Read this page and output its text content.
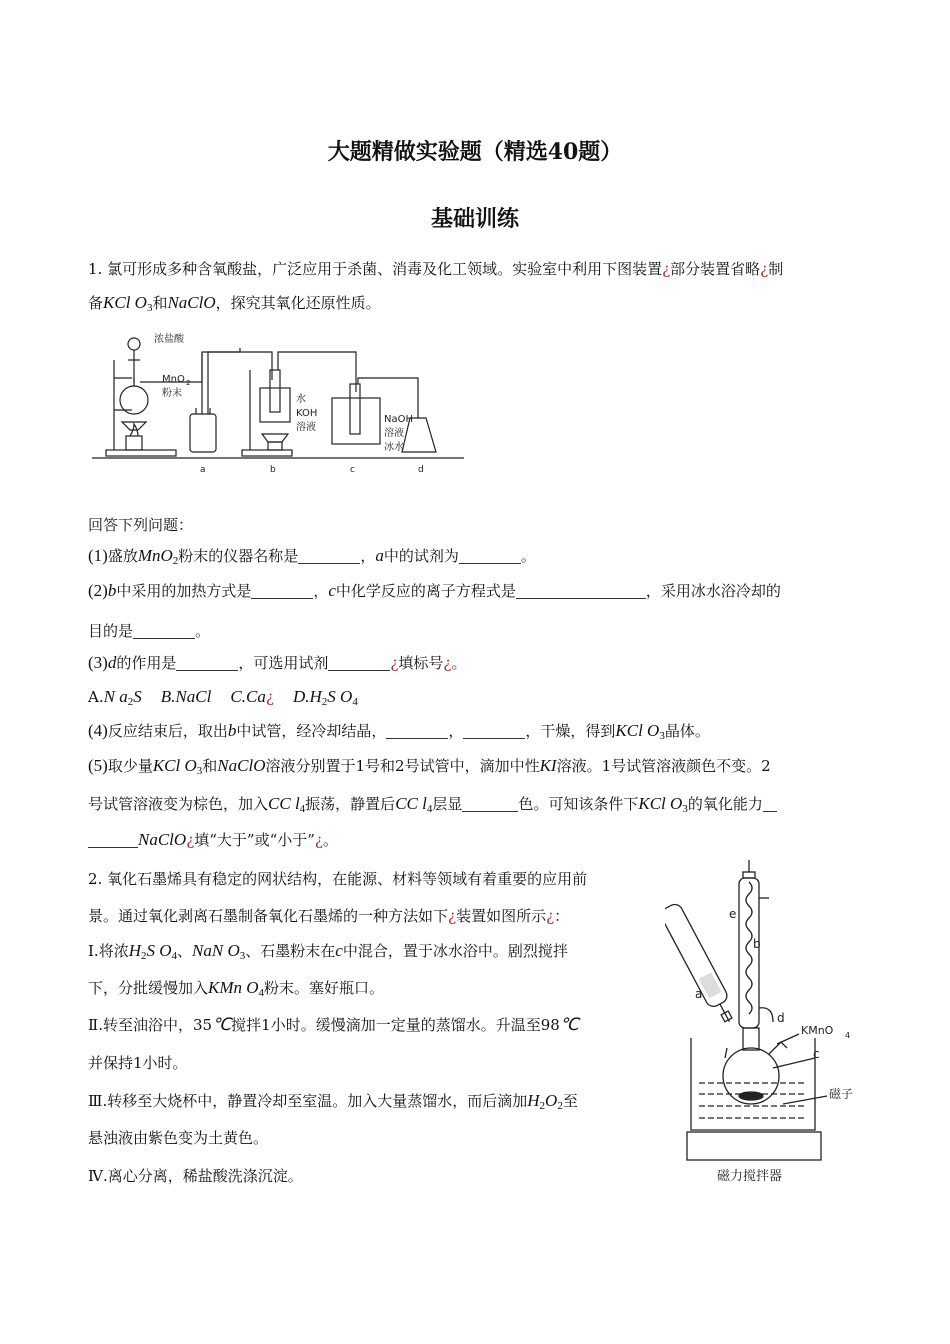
大题精做实验题（精选40题）
基础训练
1. 氯可形成多种含氧酸盐，广泛应用于杀菌、消毒及化工领域。实验室中利用下图装置¿部分装置省略¿制
备KCl $O_3$和NaClO，探究其氧化还原性质。
浓盐酸
MnO 2
粉末
水
KOH
溶液
NaOH
溶液
冰水
a	b	c	d
回答下列问题：
(1)盛放MnO$_2$粉末的仪器名称是	，a中的试剂为	。
(2)b中采用的加热方式是	，c中化学反应的离子方程式是	，采用冰水浴冷却的
目的是	。
(3)d的作用是	，可选用试剂	¿填标号¿。
A.N $a_2S$ B.NaCl C.Ca¿ $D.H_2S$ $O_4$
(4)反应结束后，取出b中试管，经冷却结晶，	，	，干燥，得到KCl $O_3$晶体。
(5)取少量KCl $O_3$和NaClO溶液分别置于1号和2号试管中，滴加中性KI溶液。1号试管溶液颜色不变。2
号试管溶液变为棕色，加入CC $l_4$振荡，静置后CC $l_4$层显	色。可知该条件下KCl $O_3$的氧化能力
NaClO¿填“大于”或“小于”¿。
2. 氧化石墨烯具有稳定的网状结构，在能源、材料等领域有着重要的应用前
景。通过氧化剥离石墨制备氧化石墨烯的一种方法如下¿装置如图所示¿：
Ⅰ.将浓$H_2S$ $O_4$、NaN $O_3$、石墨粉末在c中混合，置于冰水浴中。剧烈搅拌
下，分批缓慢加入KMn $O_4$粉末。塞好瓶口。
Ⅱ.转至油浴中，35℃搅拌1小时。缓慢滴加一定量的蒸馏水。升温至98℃
并保持1小时。
Ⅲ.转移至大烧杯中，静置冷却至室温。加入大量蒸馏水，而后滴加$H_2O_2$至
悬浊液由紫色变为土黄色。
Ⅳ.离心分离，稀盐酸洗涤沉淀。
e
b
a
d
KMnO 4
c
磁子
磁力搅拌器
